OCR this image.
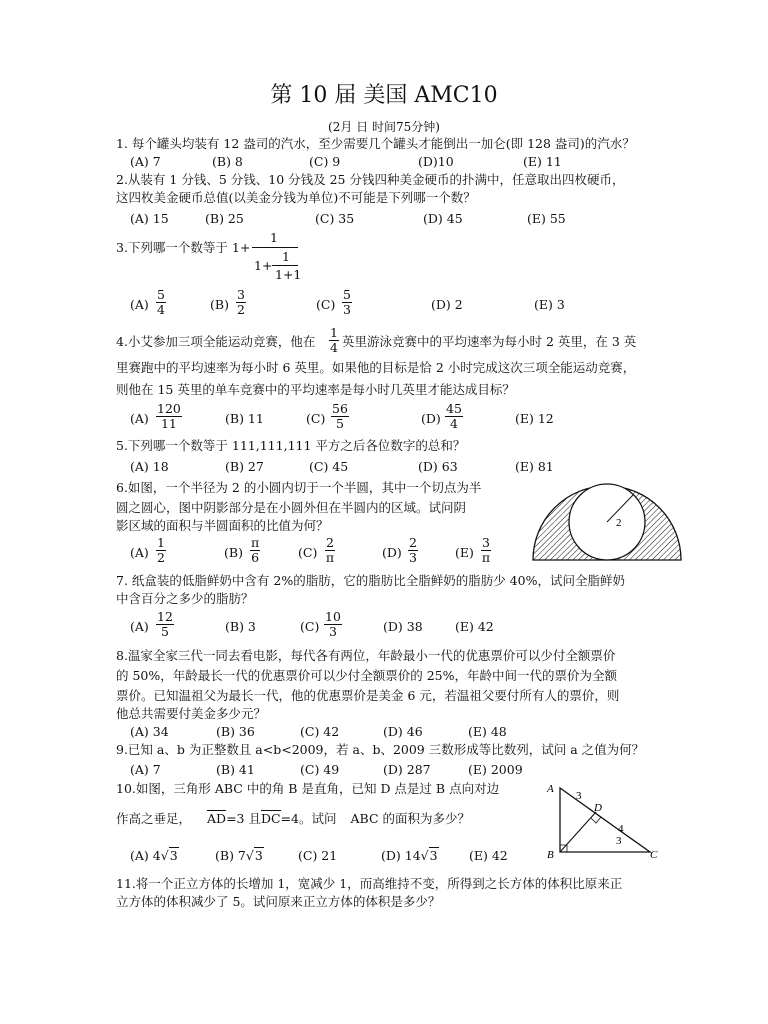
第 10 届 美国 AMC10
(2月 日 时间75分钟)
1. 每个罐头均装有 12 盎司的汽水，至少需要几个罐头才能倒出一加仑(即 128 盎司)的汽水？
(A) 7	(B) 8	(C) 9	(D)10	(E) 11
2.从装有 1 分钱、5 分钱、10 分钱及 25 分钱四种美金硬币的扑满中，任意取出四枚硬币，
这四枚美金硬币总值(以美金分钱为单位)不可能是下列哪一个数？
(A) 15	(B) 25	(C) 35	(D) 45	(E) 55
3.下列哪一个数等于 1+
1
1+
1
1+1
$(A) \frac{5}{4}$	$(B) \frac{3}{2}$	$(C) \frac{5}{3}$	(D) 2	(E) 3
4.小艾参加三项全能运动竞赛，他在 $\frac{1}{4}$ 英里游泳竞赛中的平均速率为每小时 2 英里，在 3 英
里赛跑中的平均速率为每小时 6 英里。如果他的目标是恰 2 小时完成这次三项全能运动竞赛，
则他在 15 英里的单车竞赛中的平均速率是每小时几英里才能达成目标？
$(A) \frac{120}{11}$	(B) 11	$(C) \frac{56}{5}$	$(D) \frac{45}{4}$	(E) 12
5.下列哪一个数等于 111,111,111 平方之后各位数字的总和？
(A) 18	(B) 27	(C) 45	(D) 63	(E) 81
6.如图，一个半径为 2 的小圆内切于一个半圆，其中一个切点为半
圆之圆心，图中阴影部分是在小圆外但在半圆内的区域。试问阴
影区域的面积与半圆面积的比值为何？
$(A) \frac{1}{2}$	$(B) \frac{\pi}{6}$	$(C) \frac{2}{\pi}$	$(D) \frac{2}{3}$	$(E) \frac{3}{\pi}$
2
7. 纸盒装的低脂鲜奶中含有 2%的脂肪，它的脂肪比全脂鲜奶的脂肪少 40%，试问全脂鲜奶
中含百分之多少的脂肪？
$(A) \frac{12}{5}$	(B) 3	$(C) \frac{10}{3}$	(D) 38	(E) 42
8.温家全家三代一同去看电影，每代各有两位，年龄最小一代的优惠票价可以少付全额票价
的 50%，年龄最长一代的优惠票价可以少付全额票价的 25%，年龄中间一代的票价为全额
票价。已知温祖父为最长一代，他的优惠票价是美金 6 元，若温祖父要付所有人的票价，则
他总共需要付美金多少元？
(A) 34	(B) 36	(C) 42	(D) 46	(E) 48
9.已知 a、b 为正整数且 a<b<2009，若 a、b、2009 三数形成等比数列，试问 a 之值为何？
(A) 7	(B) 41	(C) 49	(D) 287	(E) 2009
10.如图，三角形 ABC 中的角 B 是直角，已知 D 点是过 B 点向对边
作高之垂足， AD=3 且DC=4。试问 ABC 的面积为多少？
(A) 4√3	(B) 7√3	(C) 21	(D) 14√3	(E) 42
A
B	C
D
3
4
3
11.将一个正立方体的长增加 1，宽减少 1，而高维持不变，所得到之长方体的体积比原来正
立方体的体积减少了 5。试问原来正立方体的体积是多少？
